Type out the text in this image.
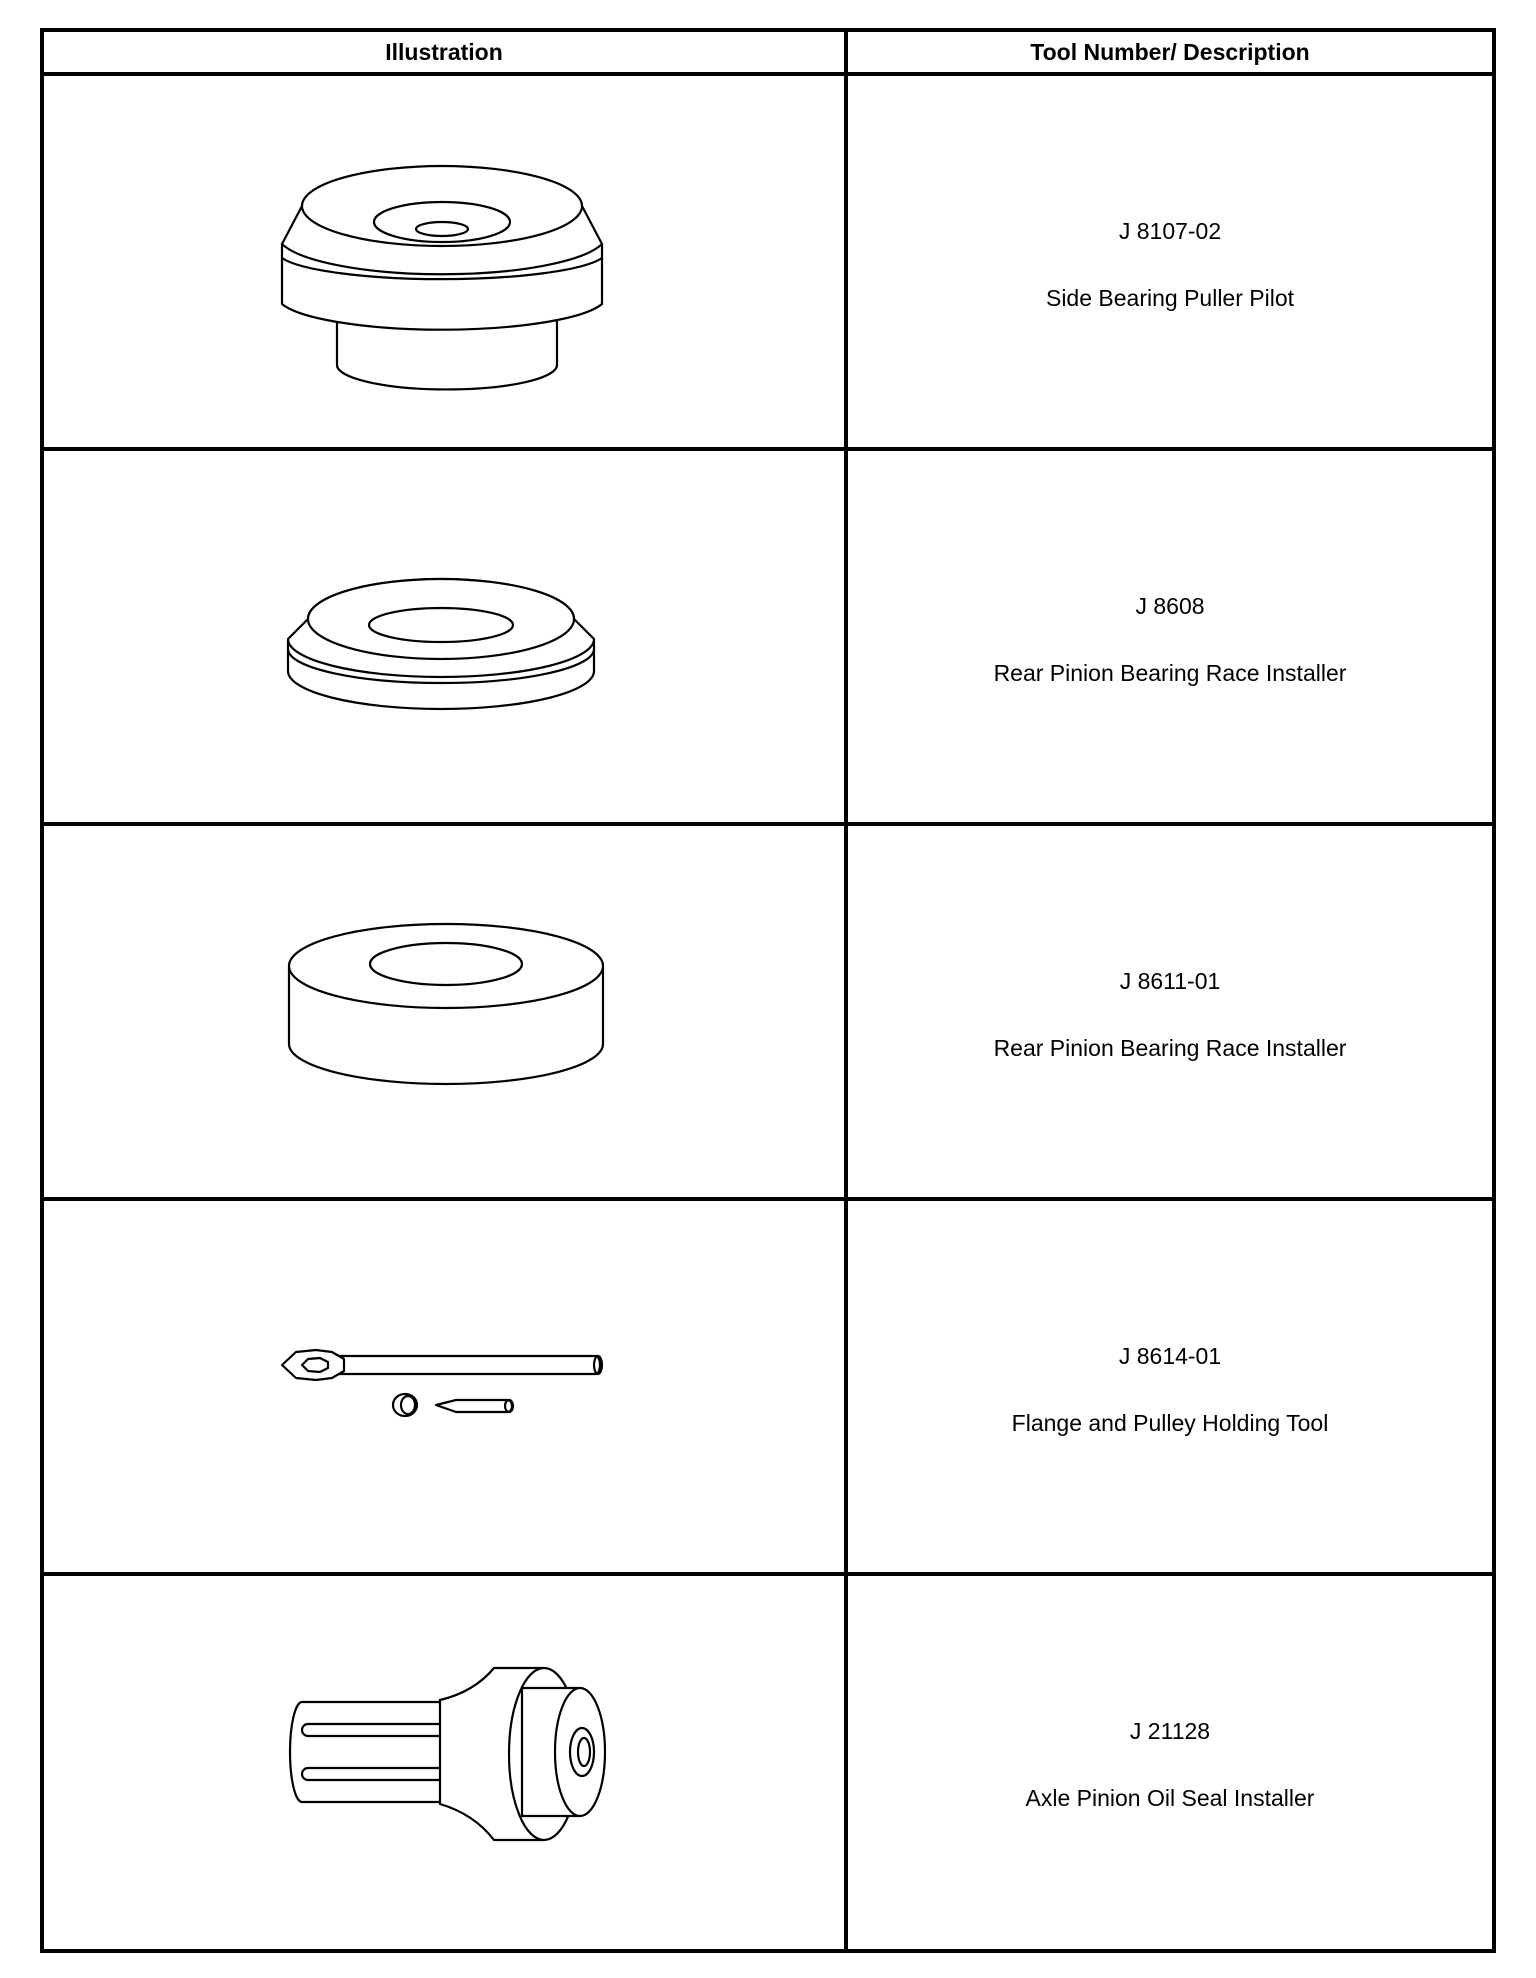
Illustration	Tool Number/ Description
J 8107-02
Side Bearing Puller Pilot
J 8608
Rear Pinion Bearing Race Installer
J 8611-01
Rear Pinion Bearing Race Installer
J 8614-01
Flange and Pulley Holding Tool
J 21128
Axle Pinion Oil Seal Installer
